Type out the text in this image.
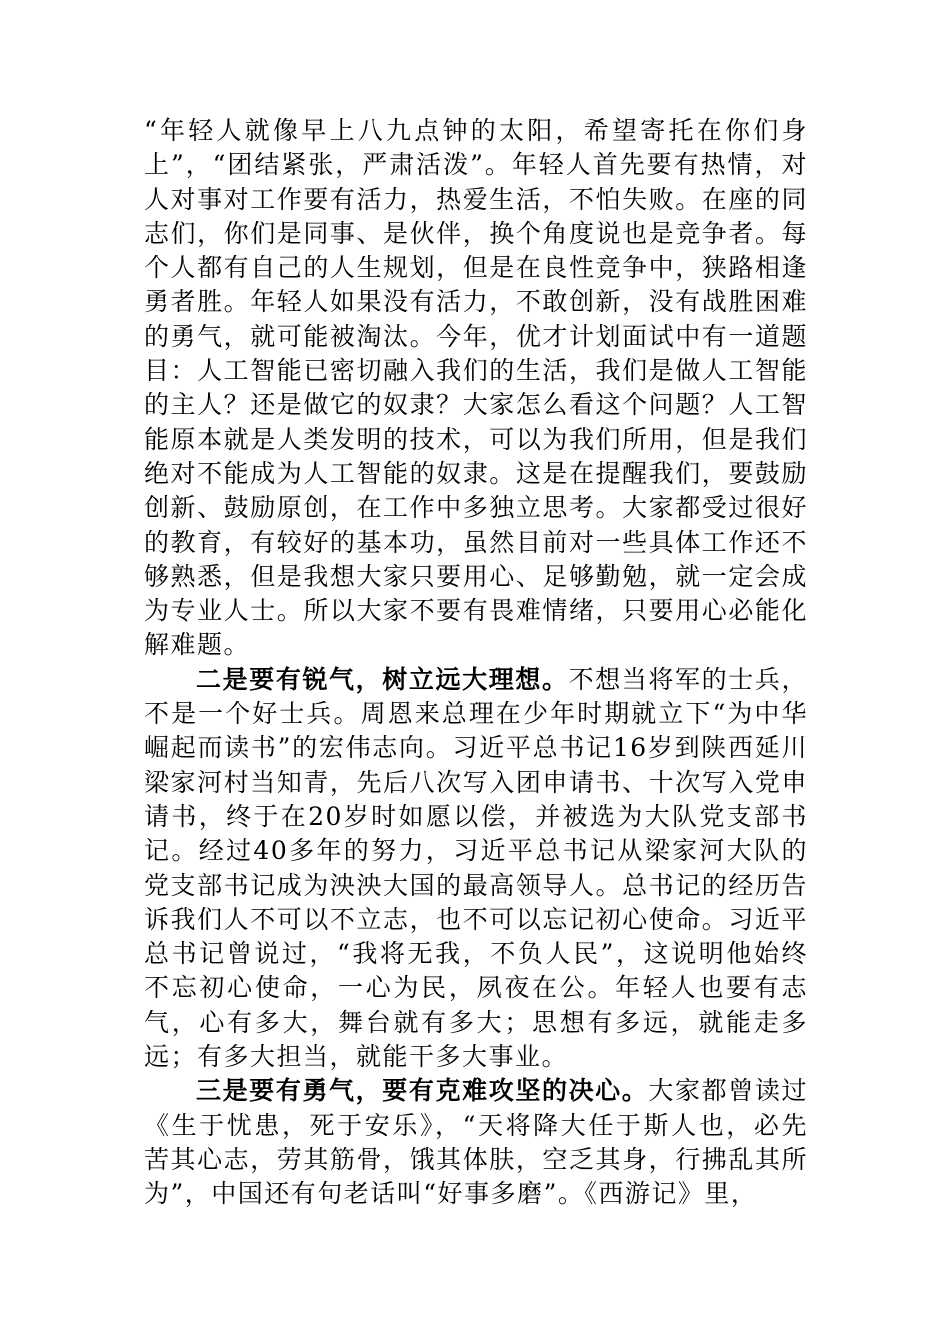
“年轻人就像早上八九点钟的太阳，希望寄托在你们身上”，“团结紧张，严肃活泼”。年轻人首先要有热情，对人对事对工作要有活力，热爱生活，不怕失败。在座的同志们，你们是同事、是伙伴，换个角度说也是竞争者。每个人都有自己的人生规划，但是在良性竞争中，狭路相逢勇者胜。年轻人如果没有活力，不敢创新，没有战胜困难的勇气，就可能被淘汰。今年，优才计划面试中有一道题目：人工智能已密切融入我们的生活，我们是做人工智能的主人？还是做它的奴隶？大家怎么看这个问题？人工智能原本就是人类发明的技术，可以为我们所用，但是我们绝对不能成为人工智能的奴隶。这是在提醒我们，要鼓励创新、鼓励原创，在工作中多独立思考。大家都受过很好的教育，有较好的基本功，虽然目前对一些具体工作还不够熟悉，但是我想大家只要用心、足够勤勉，就一定会成为专业人士。所以大家不要有畏难情绪，只要用心必能化解难题。

二是要有锐气，树立远大理想。不想当将军的士兵，不是一个好士兵。周恩来总理在少年时期就立下“为中华崛起而读书”的宏伟志向。习近平总书记16岁到陕西延川梁家河村当知青，先后八次写入团申请书、十次写入党申请书，终于在20岁时如愿以偿，并被选为大队党支部书记。经过40多年的努力，习近平总书记从梁家河大队的党支部书记成为泱泱大国的最高领导人。总书记的经历告诉我们人不可以不立志，也不可以忘记初心使命。习近平总书记曾说过，“我将无我，不负人民”，这说明他始终不忘初心使命，一心为民，夙夜在公。年轻人也要有志气，心有多大，舞台就有多大；思想有多远，就能走多远；有多大担当，就能干多大事业。

三是要有勇气，要有克难攻坚的决心。大家都曾读过《生于忧患，死于安乐》，“天将降大任于斯人也，必先苦其心志，劳其筋骨，饿其体肤，空乏其身，行拂乱其所为”，中国还有句老话叫“好事多磨”。《西游记》里，
